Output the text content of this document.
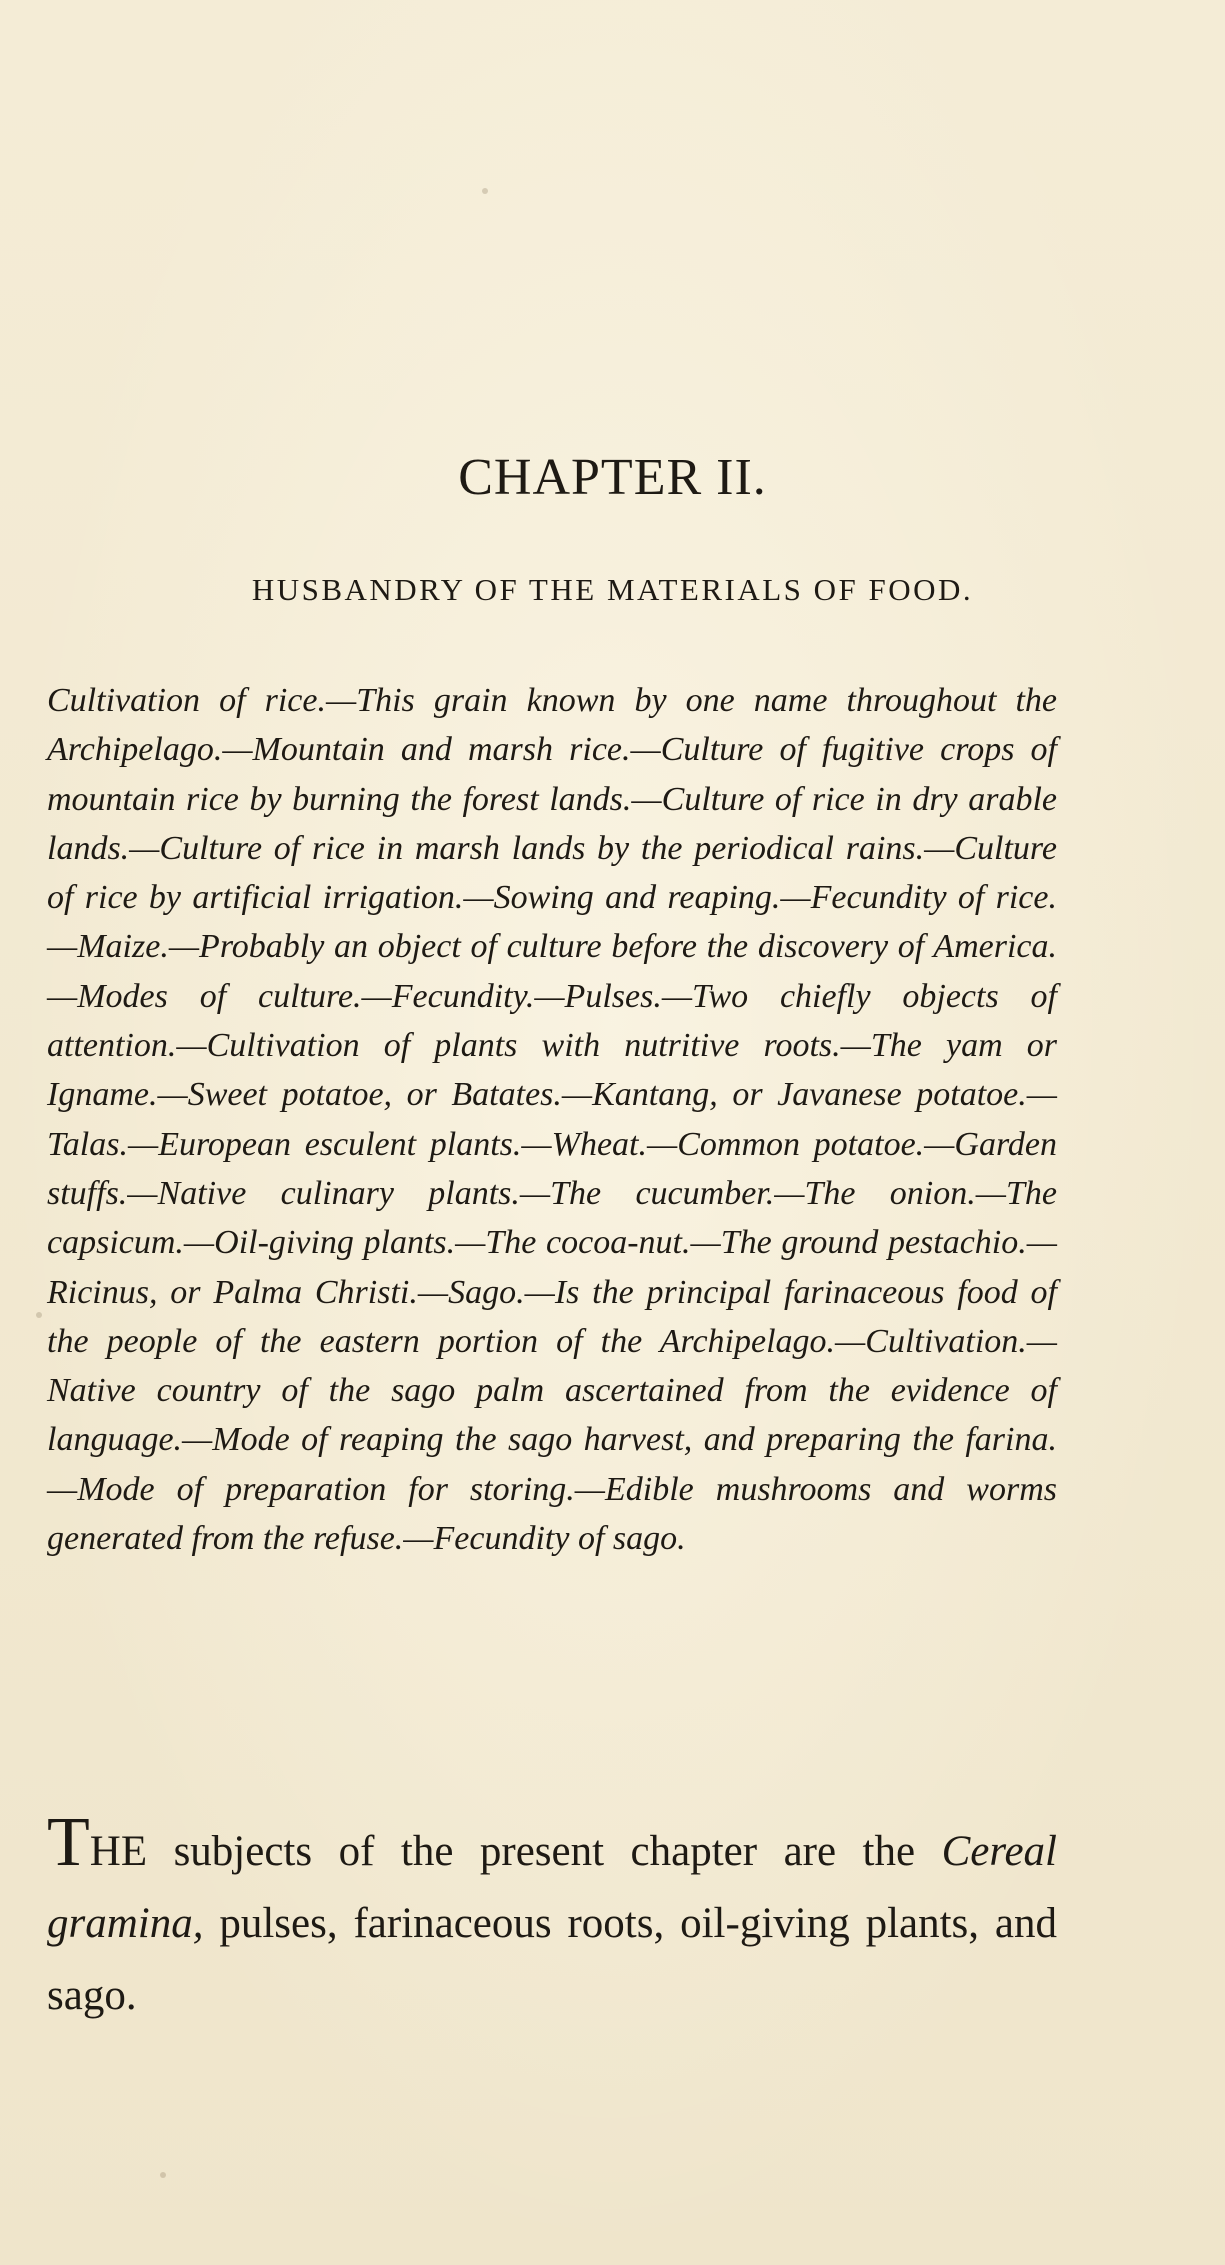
CHAPTER II.
HUSBANDRY OF THE MATERIALS OF FOOD.

Cultivation of rice.—This grain known by one name throughout the Archipelago.—Mountain and marsh rice.—Culture of fugitive crops of mountain rice by burning the forest lands.—Culture of rice in dry arable lands.—Culture of rice in marsh lands by the periodical rains.—Culture of rice by artificial irrigation.—Sowing and reaping.—Fecundity of rice.—Maize.—Probably an object of culture before the discovery of America.—Modes of culture.—Fecundity.—Pulses.—Two chiefly objects of attention.—Cultivation of plants with nutritive roots.—The yam or Igname.—Sweet potatoe, or Batates.—Kantang, or Javanese potatoe.—Talas.—European esculent plants.—Wheat.—Common potatoe.—Garden stuffs.—Native culinary plants.—The cucumber.—The onion.—The capsicum.—Oil-giving plants.—The cocoa-nut.—The ground pestachio.—Ricinus, or Palma Christi.—Sago.—Is the principal farinaceous food of the people of the eastern portion of the Archipelago.—Cultivation.—Native country of the sago palm ascertained from the evidence of language.—Mode of reaping the sago harvest, and preparing the farina.—Mode of preparation for storing.—Edible mushrooms and worms generated from the refuse.—Fecundity of sago.

THE subjects of the present chapter are the Cereal gramina, pulses, farinaceous roots, oil-giving plants, and sago.
